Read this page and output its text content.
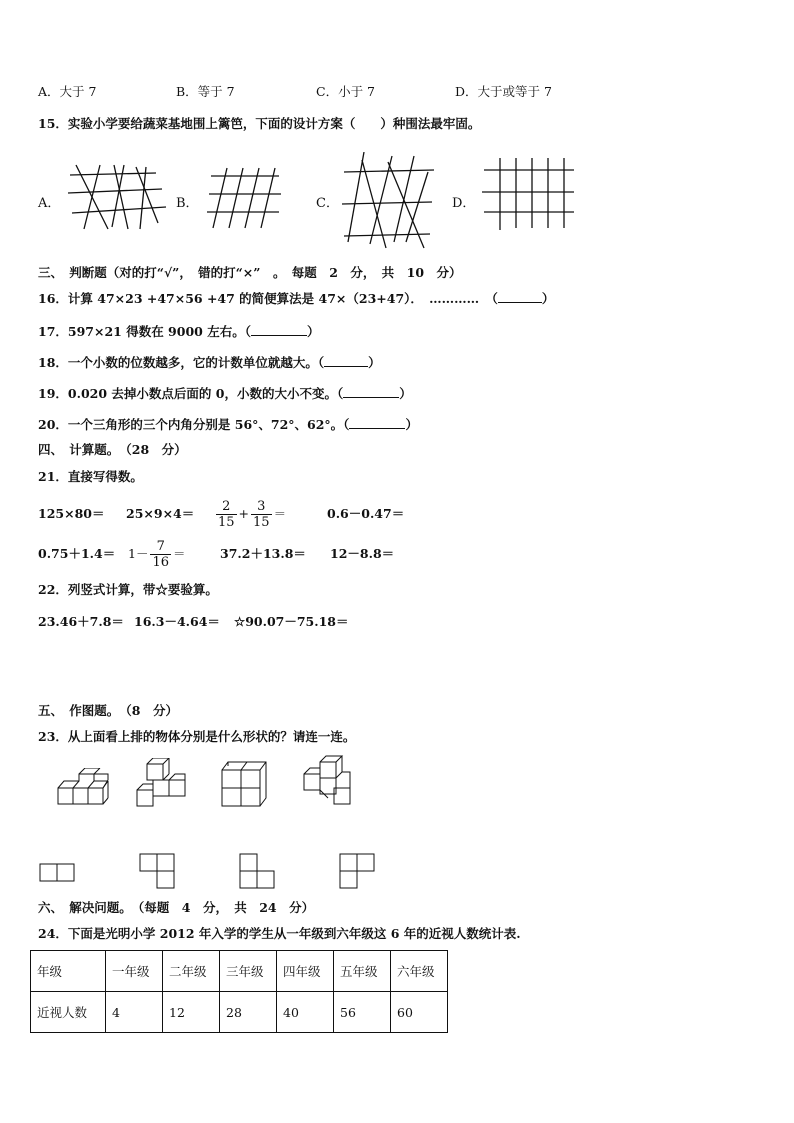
A．大于 7	B．等于 7	C．小于 7	D．大于或等于 7
15．实验小学要给蔬菜基地围上篱笆，下面的设计方案（　　）种围法最牢固。
A．	B．	C．	D．
三、　判断题（对的打“√”，　错的打“×”　。　每题　2　分，　共　10　分）
16．计算 47×23 +47×56 +47 的简便算法是 47×（23+47）．　…………　（	）
17．597×21 得数在 9000 左右。（	）
18．一个小数的位数越多，它的计数单位就越大。（	）
19．0.020 去掉小数点后面的 0，小数的大小不变。（	）
20．一个三角形的三个内角分别是 56°、72°、62°。（	）
四、　计算题。　（28　分）
21．直接写得数。
$125\times 80= 25\times 9\times 4= \frac{2}{15} + \frac{3}{15}$ ＝	0.6－0.47＝
$0.75+1.4= 1- \frac{7}{16}$ ＝	37.2＋13.8＝ 12－8.8＝
22．列竖式计算，带☆要验算。
23.46＋7.8＝ 16.3－4.64＝ ☆90.07－75.18＝
五、　作图题。　（8　分）
23．从上面看上排的物体分别是什么形状的？请连一连。
六、　解决问题。　（每题　4　分，　共　24　分）
24．下面是光明小学 2012 年入学的学生从一年级到六年级这 6 年的近视人数统计表.
年级	一年级	二年级	三年级	四年级	五年级	六年级
近视人数	4	12	28	40	56	60
